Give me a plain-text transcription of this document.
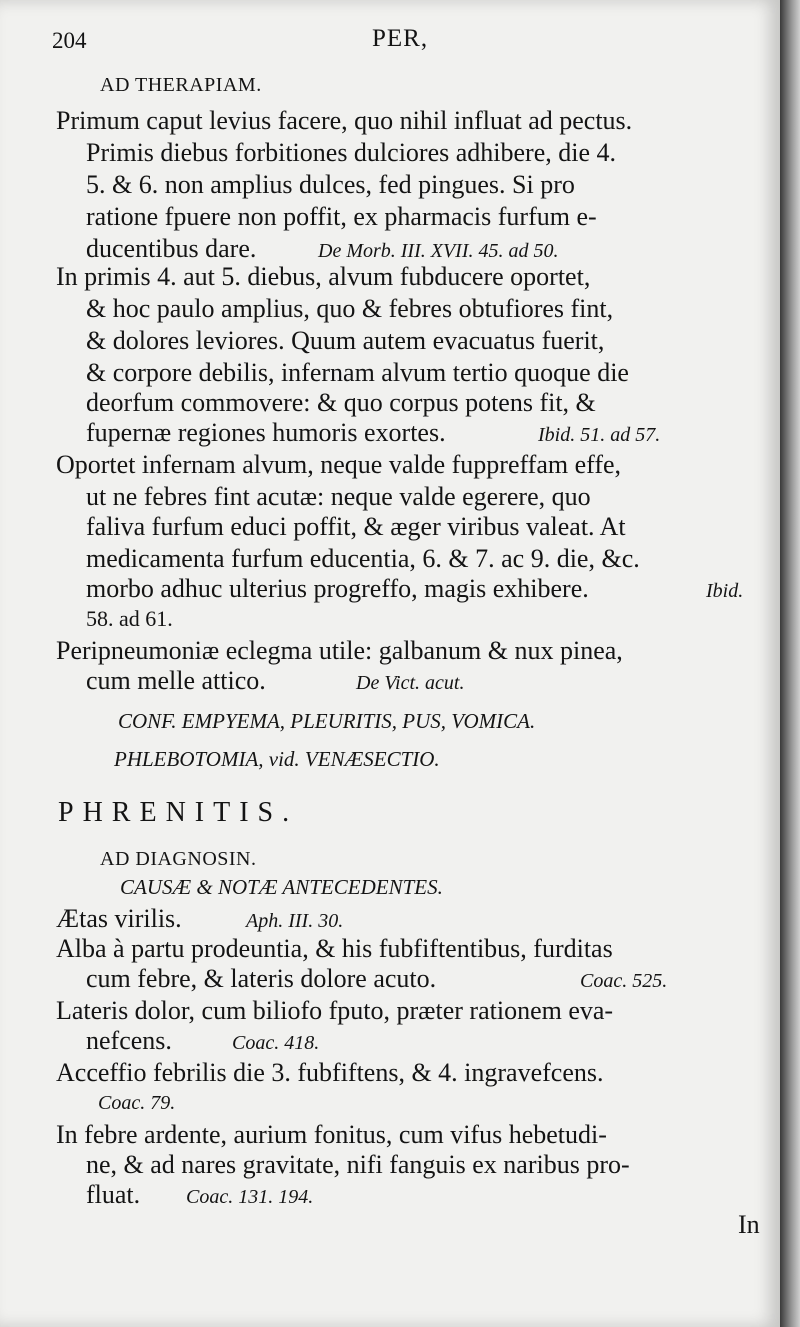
204	PER,
AD THERAPIAM.
Primum caput levius facere, quo nihil influat ad pectus.
Primis diebus forbitiones dulciores adhibere, die 4.
5. & 6. non amplius dulces, fed pingues. Si pro
ratione fpuere non poffit, ex pharmacis furfum e-
ducentibus dare.	De Morb. III. XVII. 45. ad 50.
In primis 4. aut 5. diebus, alvum fubducere oportet,
& hoc paulo amplius, quo & febres obtufiores fint,
& dolores leviores. Quum autem evacuatus fuerit,
& corpore debilis, infernam alvum tertio quoque die
deorfum commovere: & quo corpus potens fit, &
fupernæ regiones humoris exortes.	Ibid. 51. ad 57.
Oportet infernam alvum, neque valde fuppreffam effe,
ut ne febres fint acutæ: neque valde egerere, quo
faliva furfum educi poffit, & æger viribus valeat. At
medicamenta furfum educentia, 6. & 7. ac 9. die, &c.
morbo adhuc ulterius progreffo, magis exhibere.	Ibid.
58. ad 61.
Peripneumoniæ eclegma utile: galbanum & nux pinea,
cum melle attico.	De Vict. acut.
CONF. EMPYEMA, PLEURITIS, PUS, VOMICA.
PHLEBOTOMIA, vid. VENÆSECTIO.
PHRENITIS.
AD DIAGNOSIN.
CAUSÆ & NOTÆ ANTECEDENTES.
Ætas virilis.	Aph. III. 30.
Alba à partu prodeuntia, & his fubfiftentibus, furditas
cum febre, & lateris dolore acuto.	Coac. 525.
Lateris dolor, cum biliofo fputo, præter rationem eva-
nefcens.	Coac. 418.
Acceffio febrilis die 3. fubfiftens, & 4. ingravefcens.
Coac. 79.
In febre ardente, aurium fonitus, cum vifus hebetudi-
ne, & ad nares gravitate, nifi fanguis ex naribus pro-
fluat. Coac. 131. 194.
In
